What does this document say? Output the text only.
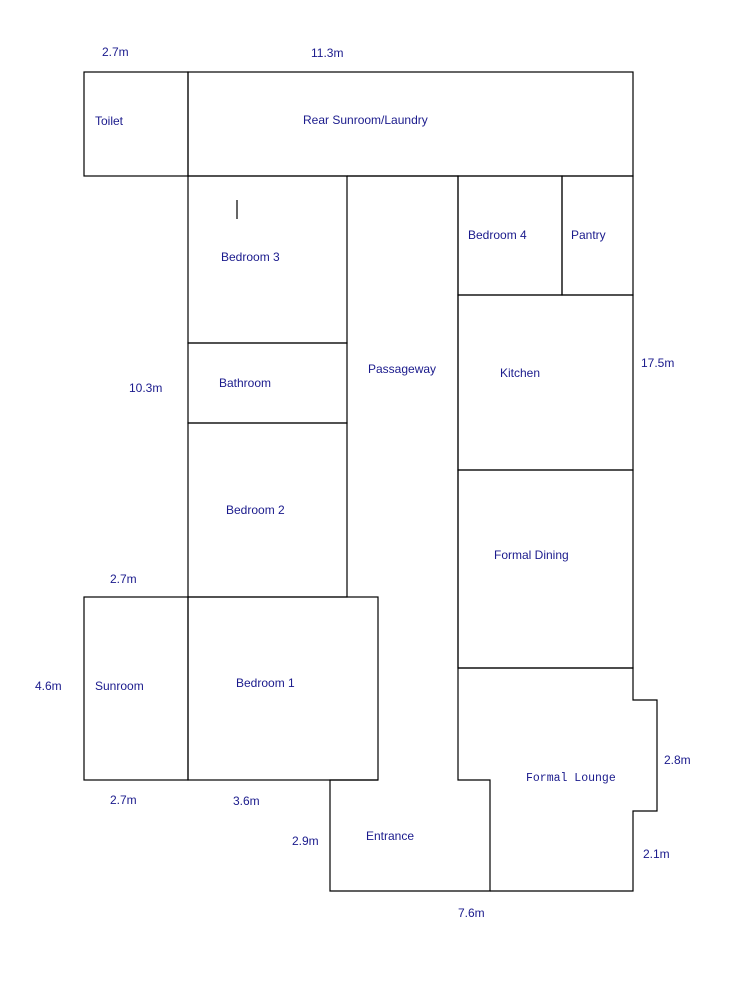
Toilet	Rear Sunroom/Laundry
Bedroom 3
Bathroom
Bedroom 2
Bedroom 1
Sunroom
Passageway
Bedroom 4	Pantry
Kitchen
Formal Dining
Formal Lounge
Entrance
2.7m	11.3m
10.3m
17.5m
2.7m
4.6m
2.7m	3.6m
2.9m
2.8m
2.1m
7.6m
